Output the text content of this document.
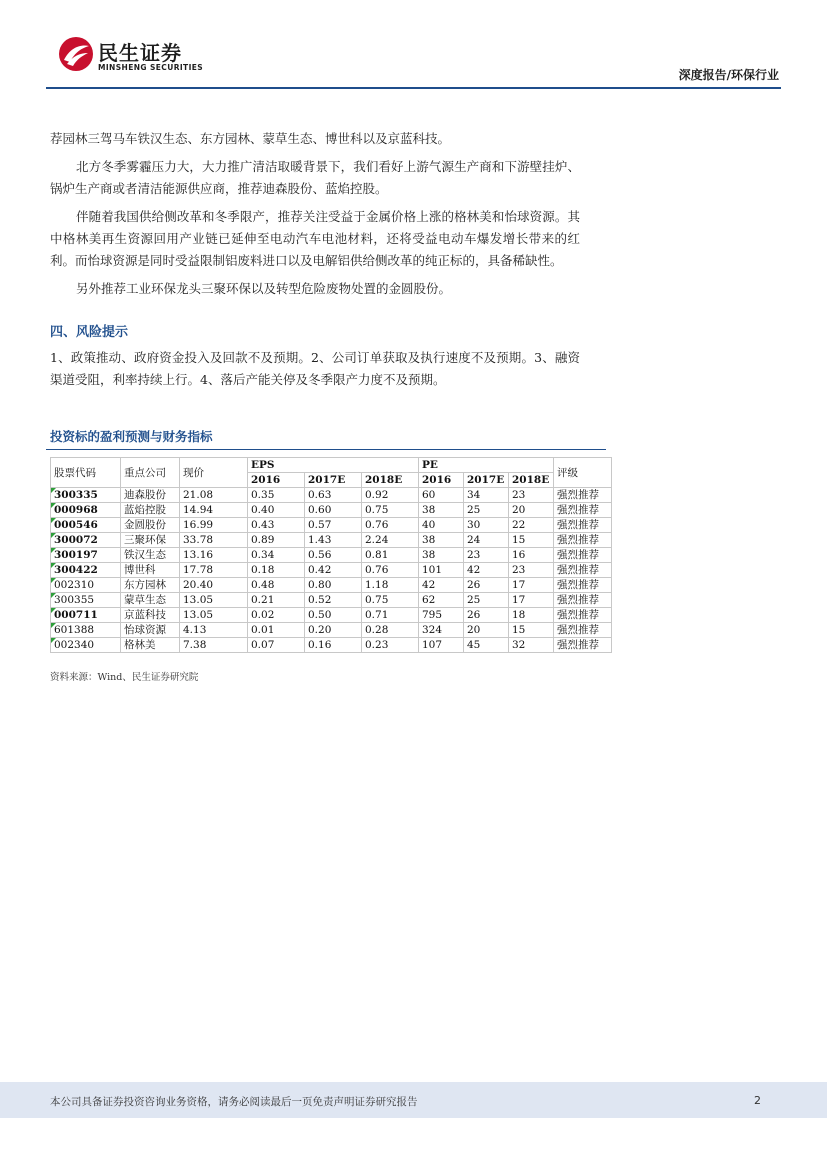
民生证券
MINSHENG SECURITIES
深度报告/环保行业

荐园林三驾马车铁汉生态、东方园林、蒙草生态、博世科以及京蓝科技。

北方冬季雾霾压力大，大力推广清洁取暖背景下，我们看好上游气源生产商和下游壁挂炉、锅炉生产商或者清洁能源供应商，推荐迪森股份、蓝焰控股。

伴随着我国供给侧改革和冬季限产，推荐关注受益于金属价格上涨的格林美和怡球资源。其中格林美再生资源回用产业链已延伸至电动汽车电池材料，还将受益电动车爆发增长带来的红利。而怡球资源是同时受益限制铝废料进口以及电解铝供给侧改革的纯正标的，具备稀缺性。

另外推荐工业环保龙头三聚环保以及转型危险废物处置的金圆股份。

四、风险提示

1、政策推动、政府资金投入及回款不及预期。2、公司订单获取及执行速度不及预期。3、融资渠道受阻，利率持续上行。4、落后产能关停及冬季限产力度不及预期。

投资标的盈利预测与财务指标
股票代码	重点公司	现价	EPS			PE			评级
			2016	2017E	2018E	2016	2017E	2018E	

300335	迪森股份	21.08	0.35	0.63	0.92	60	34	23	强烈推荐

000968	蓝焰控股	14.94	0.40	0.60	0.75	38	25	20	强烈推荐

000546	金圆股份	16.99	0.43	0.57	0.76	40	30	22	强烈推荐

300072	三聚环保	33.78	0.89	1.43	2.24	38	24	15	强烈推荐

300197	铁汉生态	13.16	0.34	0.56	0.81	38	23	16	强烈推荐

300422	博世科	17.78	0.18	0.42	0.76	101	42	23	强烈推荐

002310	东方园林	20.40	0.48	0.80	1.18	42	26	17	强烈推荐

300355	蒙草生态	13.05	0.21	0.52	0.75	62	25	17	强烈推荐

000711	京蓝科技	13.05	0.02	0.50	0.71	795	26	18	强烈推荐

601388	怡球资源	4.13	0.01	0.20	0.28	324	20	15	强烈推荐

002340	格林美	7.38	0.07	0.16	0.23	107	45	32	强烈推荐
资料来源：Wind、民生证券研究院
本公司具备证券投资咨询业务资格，请务必阅读最后一页免责声明证券研究报告	2
